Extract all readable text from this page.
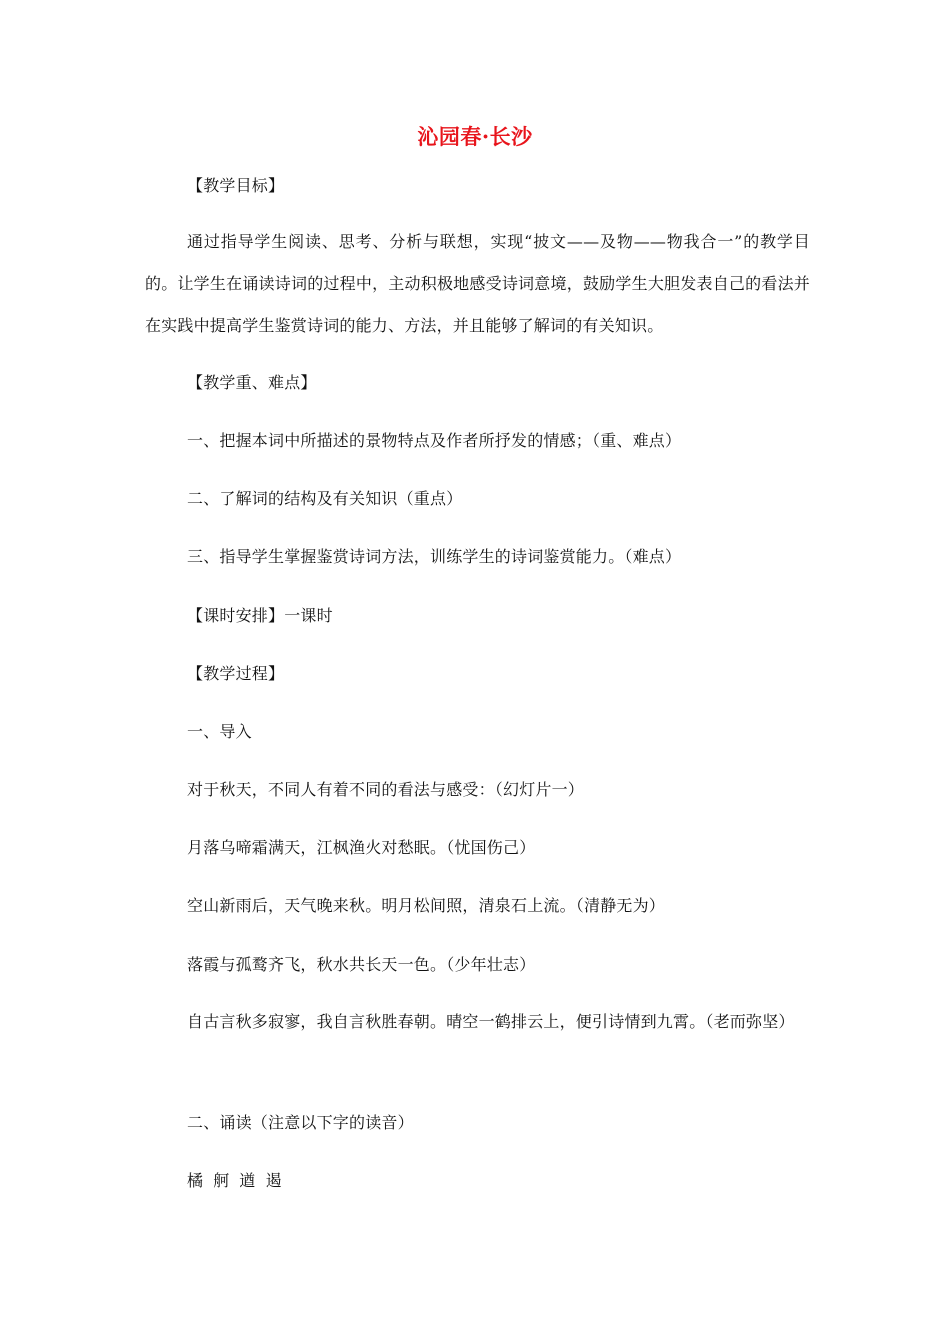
沁园春·长沙
【教学目标】
通过指导学生阅读、思考、分析与联想，实现“披文——及物——物我合一”的教学目的。让学生在诵读诗词的过程中，主动积极地感受诗词意境，鼓励学生大胆发表自己的看法并在实践中提高学生鉴赏诗词的能力、方法，并且能够了解词的有关知识。
【教学重、难点】
一、把握本词中所描述的景物特点及作者所抒发的情感；（重、难点）
二、了解词的结构及有关知识（重点）
三、指导学生掌握鉴赏诗词方法，训练学生的诗词鉴赏能力。（难点）
【课时安排】一课时
【教学过程】
一、导入
对于秋天，不同人有着不同的看法与感受：（幻灯片一）
月落乌啼霜满天，江枫渔火对愁眠。（忧国伤己）
空山新雨后，天气晚来秋。明月松间照，清泉石上流。（清静无为）
落霞与孤鹜齐飞，秋水共长天一色。（少年壮志）
自古言秋多寂寥，我自言秋胜春朝。晴空一鹤排云上，便引诗情到九霄。（老而弥坚）
二、诵读（注意以下字的读音）
橘 舸 遒 遏
